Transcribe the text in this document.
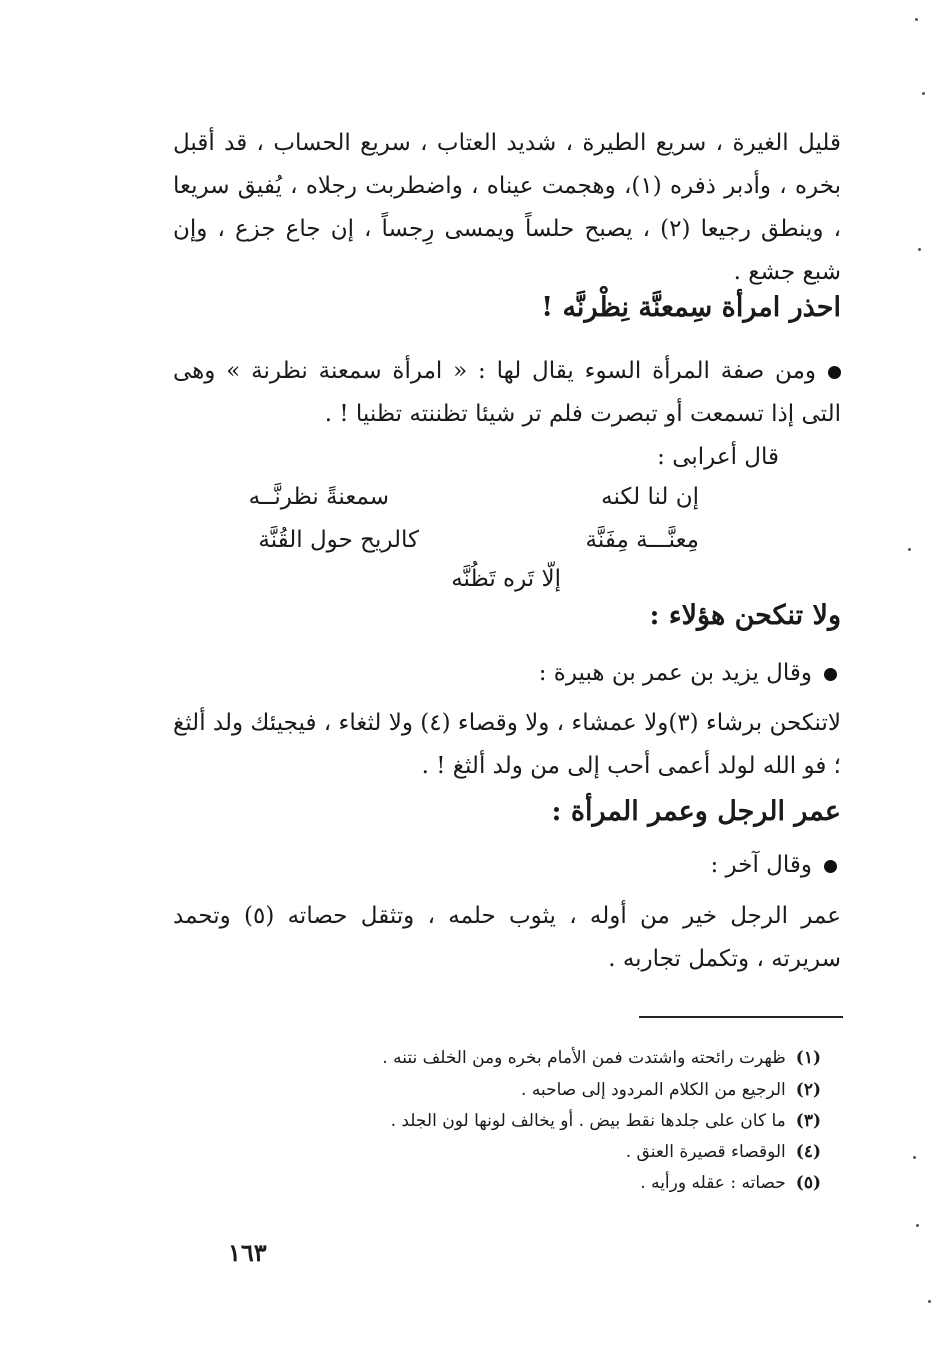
قليل الغيرة ، سريع الطيرة ، شديد العتاب ، سريع الحساب ، قد أقبل بخره ، وأدبر ذفره (١)، وهجمت عيناه ، واضطربت رجلاه ، يُفيق سريعا ، وينطق رجيعا (٢) ، يصبح حلساً ويمسى رِجساً ، إن جاع جزع ، وإن شبع جشع .
احذر امرأة سِمعنَّة نِظْرنَّه !
ومن صفة المرأة السوء يقال لها : « امرأة سمعنة نظرنة » وهى التى إذا تسمعت أو تبصرت فلم تر شيئا تظننته تظنيا ! .
قال أعرابى :
إن لنا لكنه
سمعنةً نظرنَّــه
مِعنَّـــة مِفَنَّة
كالريح حول القُنَّة
إلّا تَره تَظُنَّه
ولا تنكحن هؤلاء :
وقال يزيد بن عمر بن هبيرة :
لاتنكحن برشاء (٣)ولا عمشاء ، ولا وقصاء (٤) ولا لثغاء ، فيجيئك ولد ألثغ ؛ فو الله لولد أعمى أحب إلى من ولد ألثغ ! .
عمر الرجل وعمر المرأة :
وقال آخر :
عمر الرجل خير من أوله ، يثوب حلمه ، وتثقل حصاته (٥) وتحمد سريرته ، وتكمل تجاربه .
(١)ظهرت رائحته واشتدت فمن الأمام بخره ومن الخلف نتنه .
(٢)الرجيع من الكلام المردود إلى صاحبه .
(٣)ما كان على جلدها نقط بيض . أو يخالف لونها لون الجلد .
(٤)الوقصاء قصيرة العنق .
(٥)حصاته : عقله ورأيه .
١٦٣
